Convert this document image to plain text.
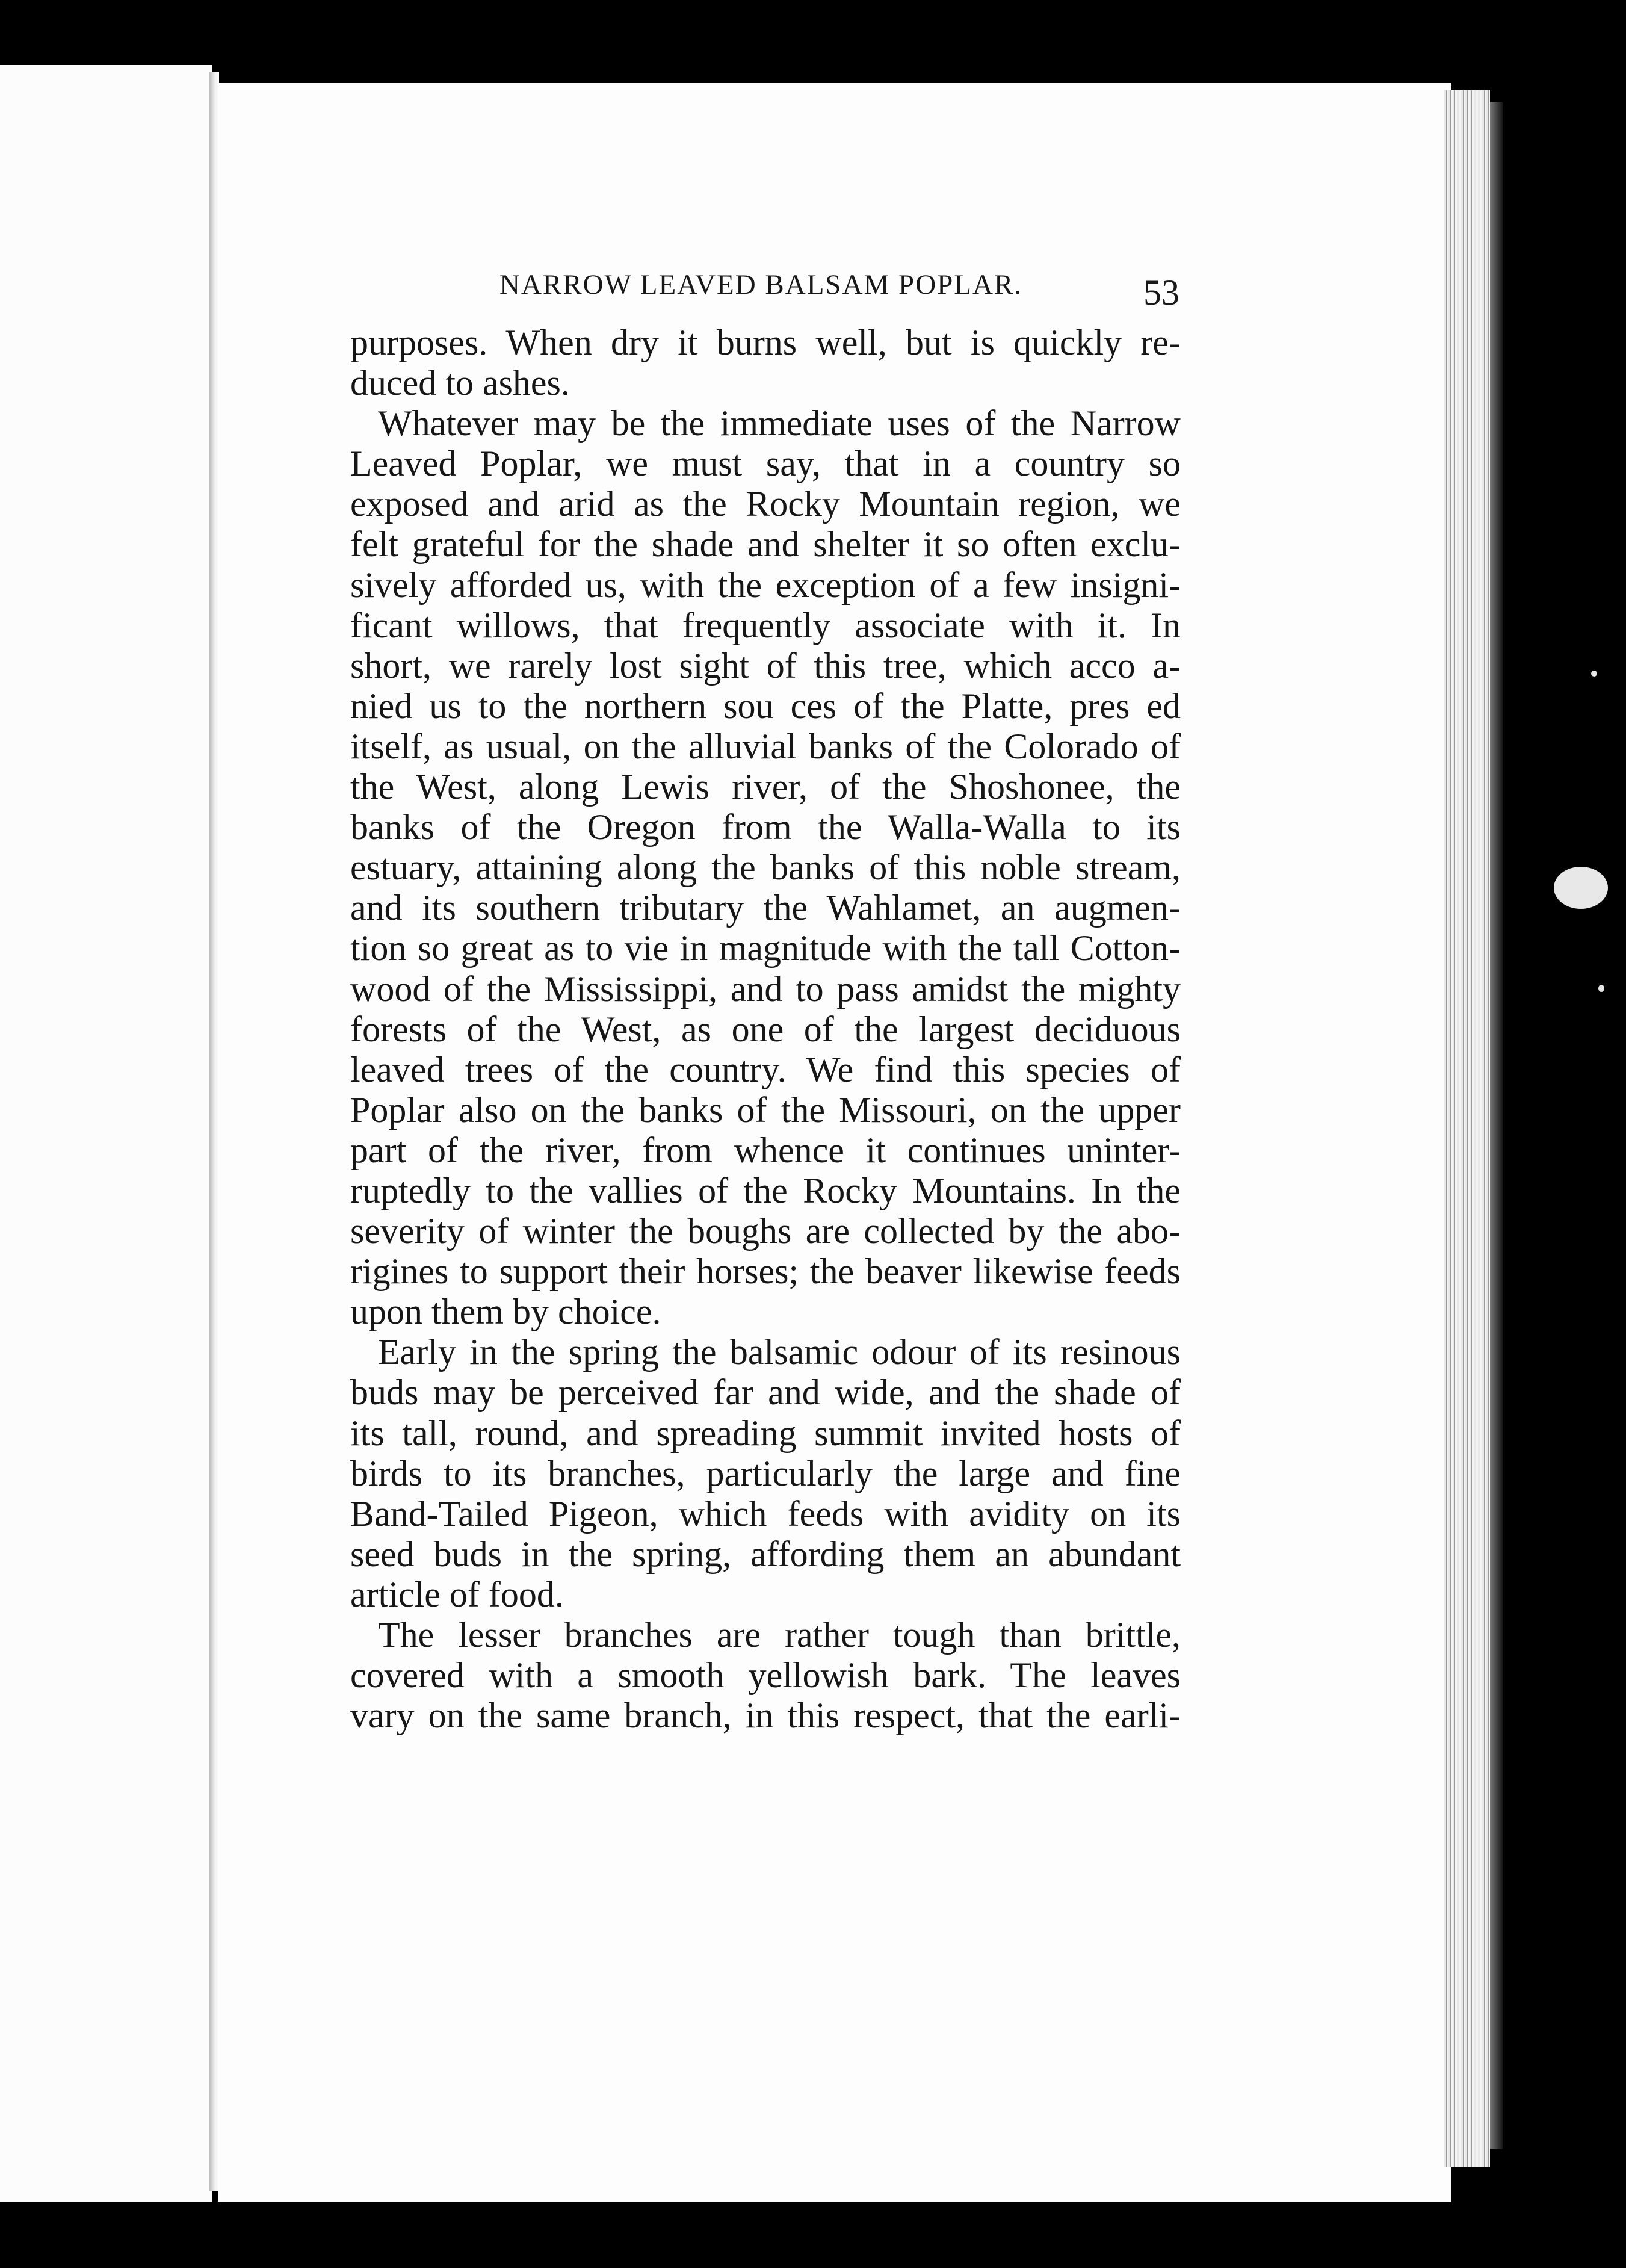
NARROW LEAVED BALSAM POPLAR.	53
purposes. When dry it burns well, but is quickly re-
duced to ashes.
Whatever may be the immediate uses of the Narrow
Leaved Poplar, we must say, that in a country so
exposed and arid as the Rocky Mountain region, we
felt grateful for the shade and shelter it so often exclu-
sively afforded us, with the exception of a few insigni-
ficant willows, that frequently associate with it. In
short, we rarely lost sight of this tree, which acco a-
nied us to the northern sou ces of the Platte, pres ed
itself, as usual, on the alluvial banks of the Colorado of
the West, along Lewis river, of the Shoshonee, the
banks of the Oregon from the Walla-Walla to its
estuary, attaining along the banks of this noble stream,
and its southern tributary the Wahlamet, an augmen-
tion so great as to vie in magnitude with the tall Cotton-
wood of the Mississippi, and to pass amidst the mighty
forests of the West, as one of the largest deciduous
leaved trees of the country. We find this species of
Poplar also on the banks of the Missouri, on the upper
part of the river, from whence it continues uninter-
ruptedly to the vallies of the Rocky Mountains. In the
severity of winter the boughs are collected by the abo-
rigines to support their horses; the beaver likewise feeds
upon them by choice.
Early in the spring the balsamic odour of its resinous
buds may be perceived far and wide, and the shade of
its tall, round, and spreading summit invited hosts of
birds to its branches, particularly the large and fine
Band-Tailed Pigeon, which feeds with avidity on its
seed buds in the spring, affording them an abundant
article of food.
The lesser branches are rather tough than brittle,
covered with a smooth yellowish bark. The leaves
vary on the same branch, in this respect, that the earli-
